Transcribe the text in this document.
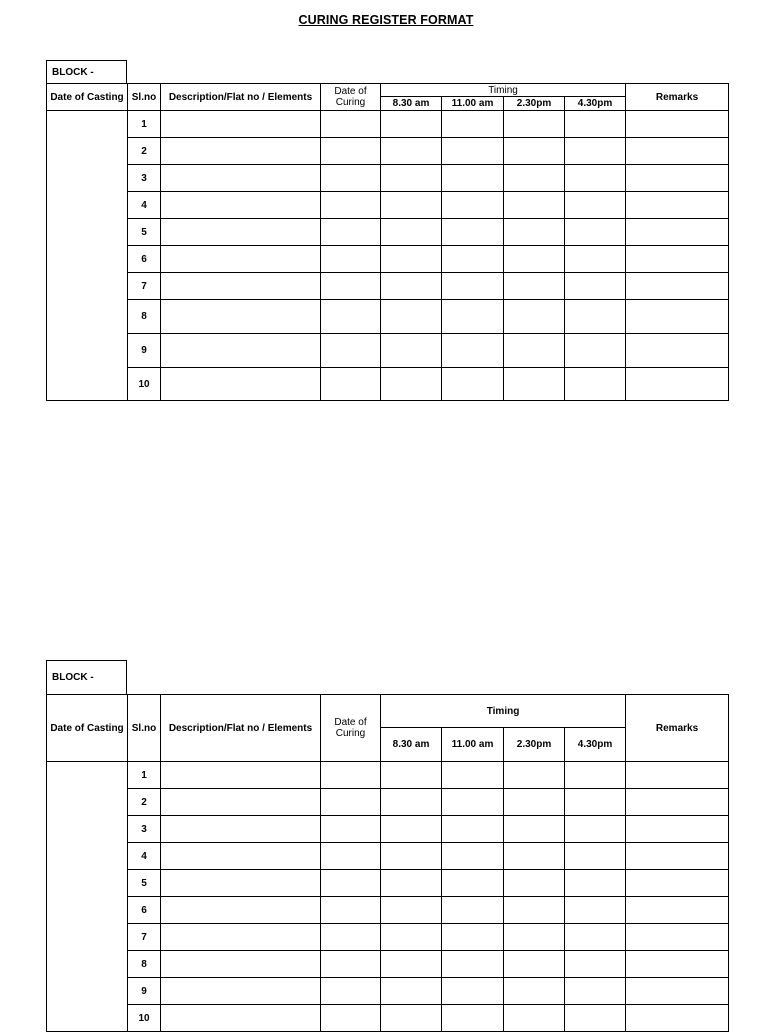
CURING REGISTER FORMAT
BLOCK -
Date of Casting	Sl.no	Description/Flat no / Elements	Date of Curing	Timing				Remarks
				8.30 am	11.00 am	2.30pm	4.30pm	
	1							
	2							
	3							
	4							
	5							
	6							
	7							
	8							
	9							
	10							
BLOCK -
Date of Casting	Sl.no	Description/Flat no / Elements	Date of Curing	Timing				Remarks
				8.30 am	11.00 am	2.30pm	4.30pm	
	1							
	2							
	3							
	4							
	5							
	6							
	7							
	8							
	9							
	10							
